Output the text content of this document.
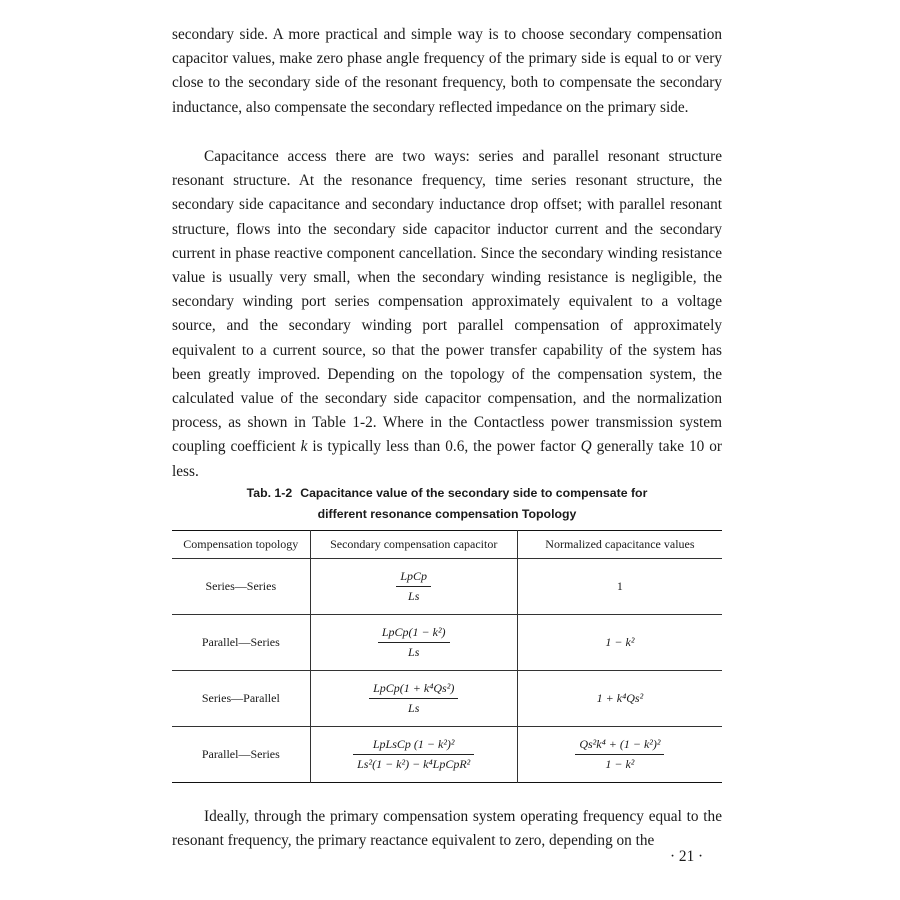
secondary side. A more practical and simple way is to choose secondary compensation capacitor values, make zero phase angle frequency of the primary side is equal to or very close to the secondary side of the resonant frequency, both to compensate the secondary inductance, also compensate the secondary reflected impedance on the primary side.

Capacitance access there are two ways: series and parallel resonant structure resonant structure. At the resonance frequency, time series resonant structure, the secondary side capacitance and secondary inductance drop offset; with parallel resonant structure, flows into the secondary side capacitor inductor current and the secondary current in phase reactive component cancellation. Since the secondary winding resistance value is usually very small, when the secondary winding resistance is negligible, the secondary winding port series compensation approximately equivalent to a voltage source, and the secondary winding port parallel compensation of approximately equivalent to a current source, so that the power transfer capability of the system has been greatly improved. Depending on the topology of the compensation system, the calculated value of the secondary side capacitor compensation, and the normalization process, as shown in Table 1-2. Where in the Contactless power transmission system coupling coefficient k is typically less than 0.6, the power factor Q generally take 10 or less.

Tab. 1-2 Capacitance value of the secondary side to compensate for
different resonance compensation Topology
Compensation topology	Secondary compensation capacitor	Normalized capacitance values
Series—Series	$\frac{\text{LpCp}}{Ls}$	1
Parallel—Series	$\frac{\text{LpCp(1 − k²)}}{Ls}$	1 − k²
Series—Parallel	$\frac{\text{LpCp(1 + k⁴Qs²)}}{Ls}$	1 + k⁴Qs²
Parallel—Series	$\frac{\text{LpLsCp (1 − k²)²}}{\text{Ls²(1 − k²) − k⁴LpCpR²}}$	$\frac{\text{Qs²k⁴ + (1 − k²)²}}{\text{1 − k²}}$

Ideally, through the primary compensation system operating frequency equal to the resonant frequency, the primary reactance equivalent to zero, depending on the

· 21 ·
